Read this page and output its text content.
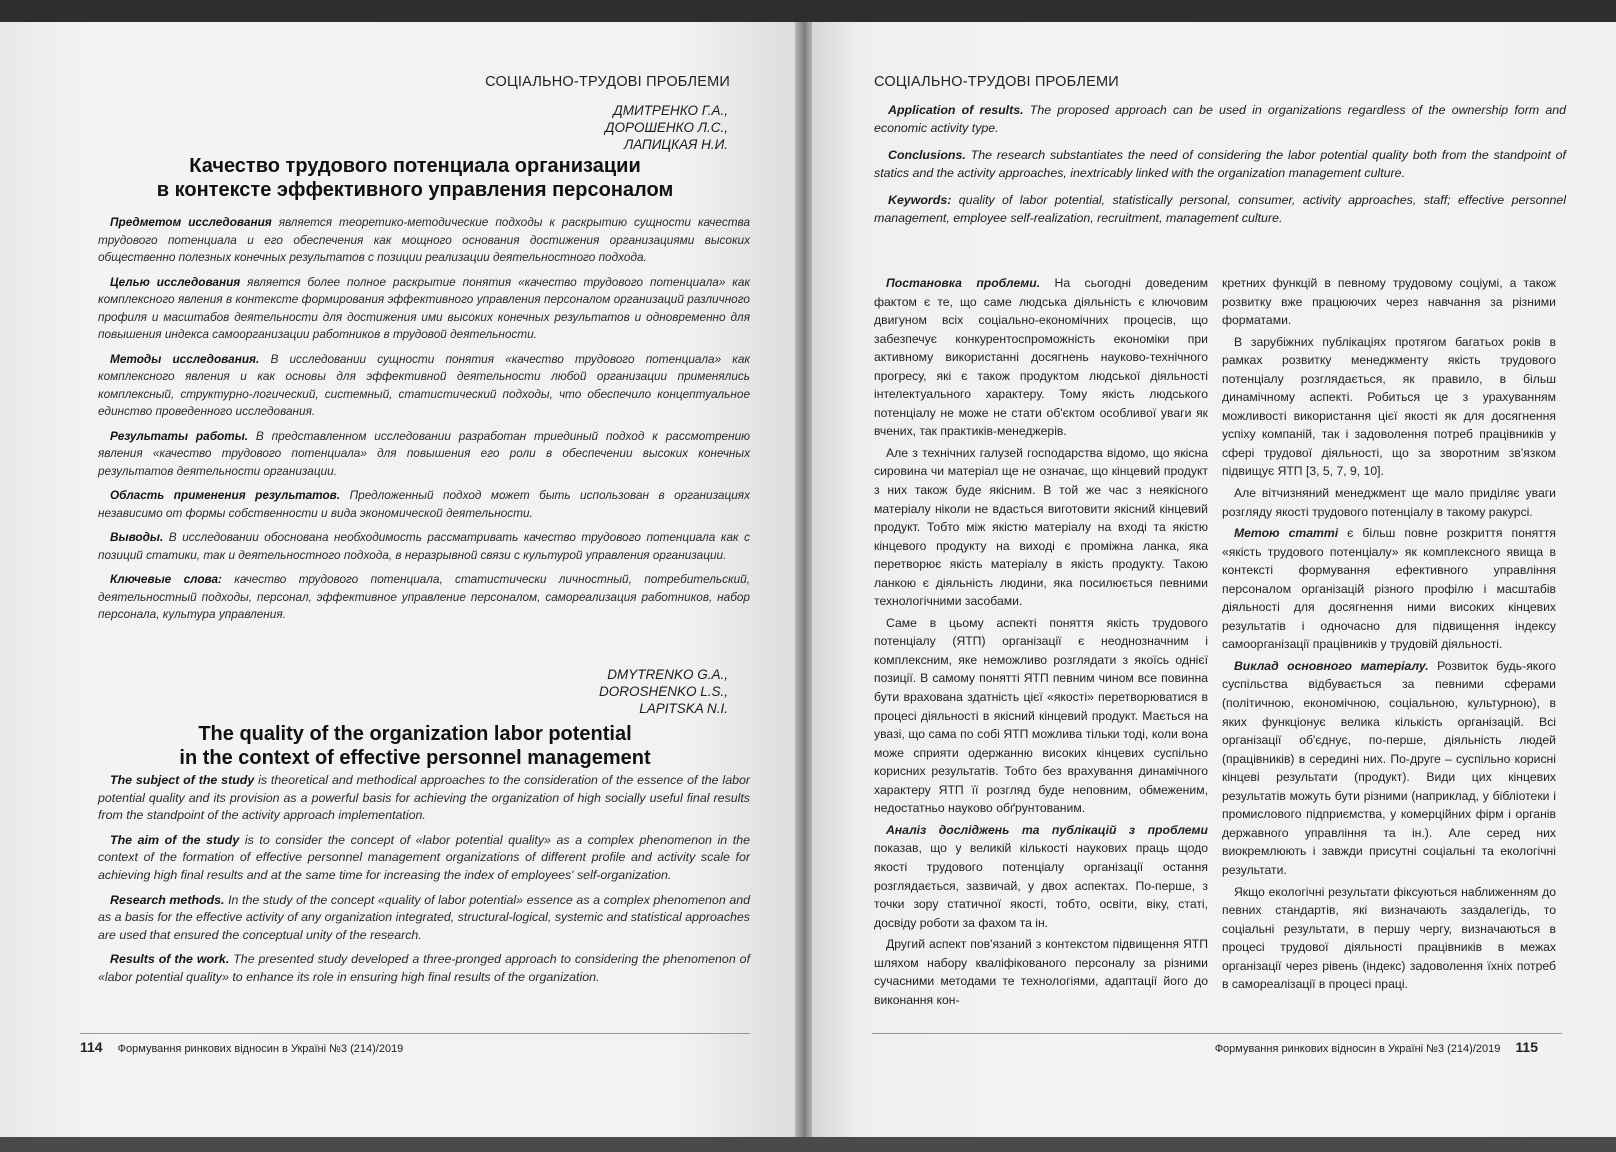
СОЦІАЛЬНО-ТРУДОВІ ПРОБЛЕМИ
ДМИТРЕНКО Г.А.,
ДОРОШЕНКО Л.С.,
ЛАПИЦКАЯ Н.И.
Качество трудового потенциала организации
в контексте эффективного управления персоналом

Предметом исследования является теоретико-методические подходы к раскрытию сущности качества трудового потенциала и его обеспечения как мощного основания достижения организациями высоких общественно полезных конечных результатов с позиции реализации деятельностного подхода.

Целью исследования является более полное раскрытие понятия «качество трудового потенциала» как комплексного явления в контексте формирования эффективного управления персоналом организаций различного профиля и масштабов деятельности для достижения ими высоких конечных результатов и одновременно для повышения индекса самоорганизации работников в трудовой деятельности.

Методы исследования. В исследовании сущности понятия «качество трудового потенциала» как комплексного явления и как основы для эффективной деятельности любой организации применялись комплексный, структурно-логический, системный, статистический подходы, что обеспечило концептуальное единство проведенного исследования.

Результаты работы. В представленном исследовании разработан триединый подход к рассмотрению явления «качество трудового потенциала» для повышения его роли в обеспечении высоких конечных результатов деятельности организации.

Область применения результатов. Предложенный подход может быть использован в организациях независимо от формы собственности и вида экономической деятельности.

Выводы. В исследовании обоснована необходимость рассматривать качество трудового потенциала как с позиций статики, так и деятельностного подхода, в неразрывной связи с культурой управления организации.

Ключевые слова: качество трудового потенциала, статистически личностный, потребительский, деятельностный подходы, персонал, эффективное управление персоналом, самореализация работников, набор персонала, культура управления.

DMYTRENKO G.A.,
DOROSHENKO L.S.,
LAPITSKA N.I.
The quality of the organization labor potential
in the context of effective personnel management

The subject of the study is theoretical and methodical approaches to the consideration of the essence of the labor potential quality and its provision as a powerful basis for achieving the organization of high socially useful final results from the standpoint of the activity approach implementation.

The aim of the study is to consider the concept of «labor potential quality» as a complex phenomenon in the context of the formation of effective personnel management organizations of different profile and activity scale for achieving high final results and at the same time for increasing the index of employees' self-organization.

Research methods. In the study of the concept «quality of labor potential» essence as a complex phenomenon and as a basis for the effective activity of any organization integrated, structural-logical, systemic and statistical approaches are used that ensured the conceptual unity of the research.

Results of the work. The presented study developed a three-pronged approach to considering the phenomenon of «labor potential quality» to enhance its role in ensuring high final results of the organization.

114 Формування ринкових відносин в Україні №3 (214)/2019
СОЦІАЛЬНО-ТРУДОВІ ПРОБЛЕМИ

Application of results. The proposed approach can be used in organizations regardless of the ownership form and economic activity type.

Conclusions. The research substantiates the need of considering the labor potential quality both from the standpoint of statics and the activity approaches, inextricably linked with the organization management culture.

Keywords: quality of labor potential, statistically personal, consumer, activity approaches, staff; effective personnel management, employee self-realization, recruitment, management culture.

Постановка проблеми. На сьогодні доведеним фактом є те, що саме людська діяльність є ключовим двигуном всіх соціально-економічних процесів, що забезпечує конкурентоспроможність економіки при активному використанні досягнень науково-технічного прогресу, які є також продуктом людської діяльності інтелектуального характеру. Тому якість людського потенціалу не може не стати об'єктом особливої уваги як вчених, так практиків-менеджерів.

Але з технічних галузей господарства відомо, що якісна сировина чи матеріал ще не означає, що кінцевий продукт з них також буде якісним. В той же час з неякісного матеріалу ніколи не вдасться виготовити якісний кінцевий продукт. Тобто між якістю матеріалу на вході та якістю кінцевого продукту на виході є проміжна ланка, яка перетворює якість матеріалу в якість продукту. Такою ланкою є діяльність людини, яка посилюється певними технологічними засобами.

Саме в цьому аспекті поняття якість трудового потенціалу (ЯТП) організації є неоднозначним і комплексним, яке неможливо розглядати з якоїсь однієї позиції. В самому понятті ЯТП певним чином все повинна бути врахована здатність цієї «якості» перетворюватися в процесі діяльності в якісний кінцевий продукт. Мається на увазі, що сама по собі ЯТП можлива тільки тоді, коли вона може сприяти одержанню високих кінцевих суспільно корисних результатів. Тобто без врахування динамічного характеру ЯТП її розгляд буде неповним, обмеженим, недостатньо науково обґрунтованим.

Аналіз досліджень та публікацій з проблеми показав, що у великій кількості наукових праць щодо якості трудового потенціалу організації остання розглядається, зазвичай, у двох аспектах. По-перше, з точки зору статичної якості, тобто, освіти, віку, статі, досвіду роботи за фахом та ін.

Другий аспект пов'язаний з контекстом підвищення ЯТП шляхом набору кваліфікованого персоналу за різними сучасними методами те технологіями, адаптації його до виконання кон-

кретних функцій в певному трудовому соціумі, а також розвитку вже працюючих через навчання за різними форматами.

В зарубіжних публікаціях протягом багатьох років в рамках розвитку менеджменту якість трудового потенціалу розглядається, як правило, в більш динамічному аспекті. Робиться це з урахуванням можливості використання цієї якості як для досягнення успіху компаній, так і задоволення потреб працівників у сфері трудової діяльності, що за зворотним зв'язком підвищує ЯТП [3, 5, 7, 9, 10].

Але вітчизняний менеджмент ще мало приділяє уваги розгляду якості трудового потенціалу в такому ракурсі.

Метою статті є більш повне розкриття поняття «якість трудового потенціалу» як комплексного явища в контексті формування ефективного управління персоналом організацій різного профілю і масштабів діяльності для досягнення ними високих кінцевих результатів і одночасно для підвищення індексу самоорганізації працівників у трудовій діяльності.

Виклад основного матеріалу. Розвиток будь-якого суспільства відбувається за певними сферами (політичною, економічною, соціальною, культурною), в яких функціонує велика кількість організацій. Всі організації об'єднує, по-перше, діяльність людей (працівників) в середині них. По-друге – суспільно корисні кінцеві результати (продукт). Види цих кінцевих результатів можуть бути різними (наприклад, у бібліотеки і промислового підприємства, у комерційних фірм і органів державного управління та ін.). Але серед них виокремлюють і завжди присутні соціальні та екологічні результати.

Якщо екологічні результати фіксуються наближенням до певних стандартів, які визначають заздалегідь, то соціальні результати, в першу чергу, визначаються в процесі трудової діяльності працівників в межах організації через рівень (індекс) задоволення їхніх потреб в самореалізації в процесі праці.

Формування ринкових відносин в Україні №3 (214)/2019 115
